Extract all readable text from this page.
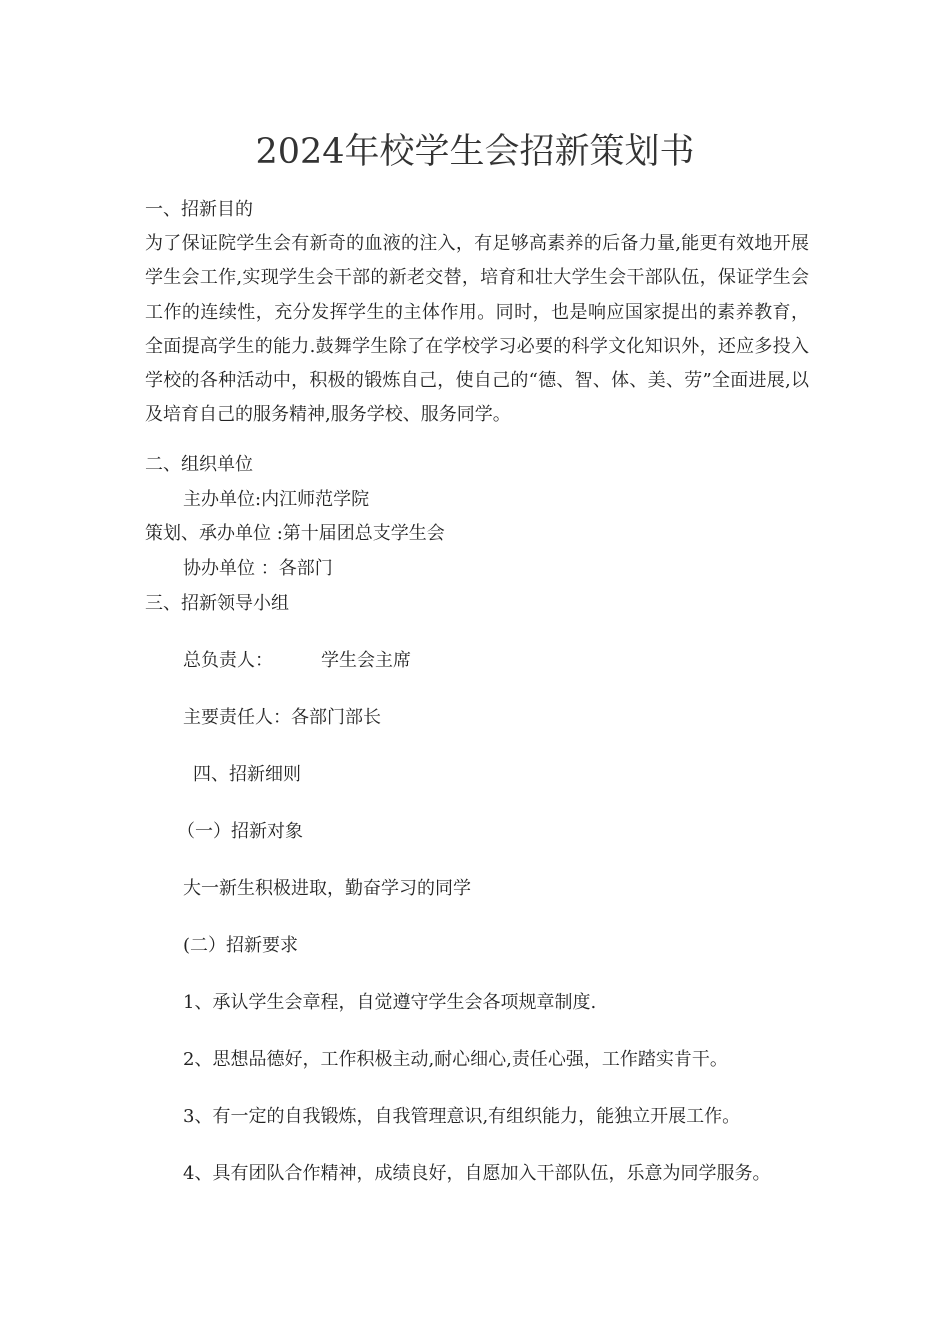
2024年校学生会招新策划书
一、招新目的

为了保证院学生会有新奇的血液的注入，有足够高素养的后备力量,能更有效地开展学生会工作,实现学生会干部的新老交替，培育和壮大学生会干部队伍，保证学生会工作的连续性，充分发挥学生的主体作用。同时，也是响应国家提出的素养教育，全面提高学生的能力.鼓舞学生除了在学校学习必要的科学文化知识外，还应多投入学校的各种活动中，积极的锻炼自己，使自己的“德、智、体、美、劳”全面进展,以及培育自己的服务精神,服务学校、服务同学。

二、组织单位
主办单位:内江师范学院
策划、承办单位 :第十届团总支学生会
协办单位 ：各部门
三、招新领导小组
总负责人：	学生会主席
主要责任人：各部门部长
四、招新细则
（一）招新对象
大一新生积极进取，勤奋学习的同学
(二）招新要求
1、承认学生会章程，自觉遵守学生会各项规章制度.
2、思想品德好，工作积极主动,耐心细心,责任心强，工作踏实肯干。
3、有一定的自我锻炼，自我管理意识,有组织能力，能独立开展工作。
4、具有团队合作精神，成绩良好，自愿加入干部队伍，乐意为同学服务。
